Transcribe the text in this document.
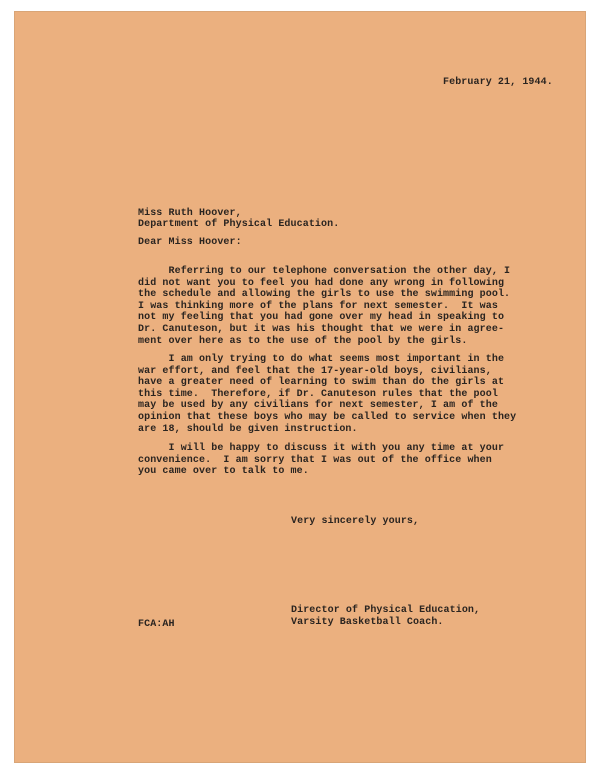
February 21, 1944.
Miss Ruth Hoover,
Department of Physical Education.
Dear Miss Hoover:
Referring to our telephone conversation the other day, I
did not want you to feel you had done any wrong in following
the schedule and allowing the girls to use the swimming pool.
I was thinking more of the plans for next semester.  It was
not my feeling that you had gone over my head in speaking to
Dr. Canuteson, but it was his thought that we were in agree-
ment over here as to the use of the pool by the girls.
I am only trying to do what seems most important in the
war effort, and feel that the 17-year-old boys, civilians,
have a greater need of learning to swim than do the girls at
this time.  Therefore, if Dr. Canuteson rules that the pool
may be used by any civilians for next semester, I am of the
opinion that these boys who may be called to service when they
are 18, should be given instruction.
I will be happy to discuss it with you any time at your
convenience.  I am sorry that I was out of the office when
you came over to talk to me.
Very sincerely yours,
Director of Physical Education,
Varsity Basketball Coach.
FCA:AH
